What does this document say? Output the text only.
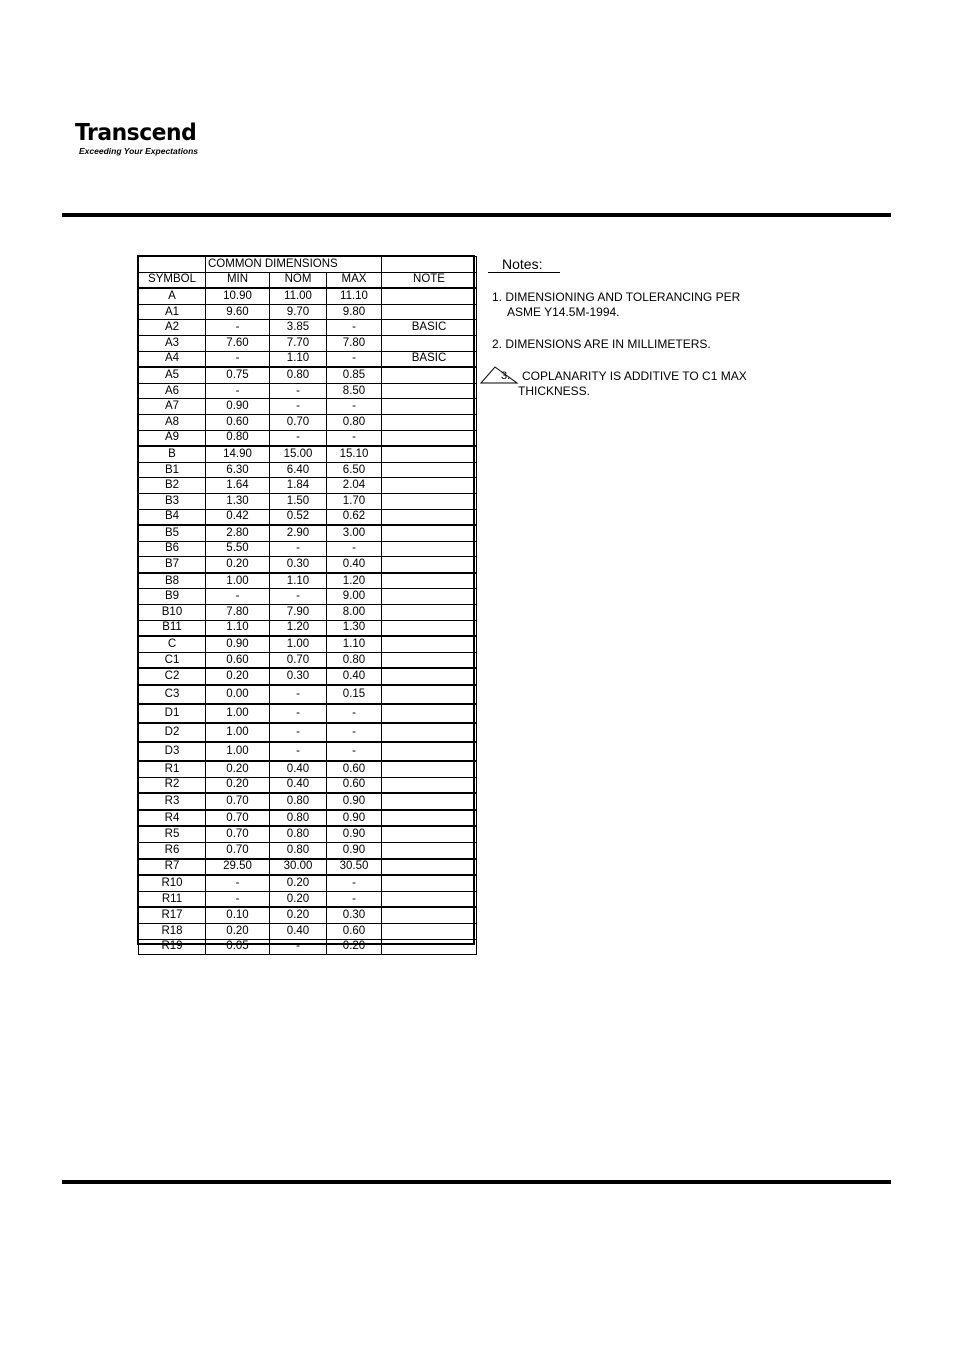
Transcend
Exceeding Your Expectations
	COMMON DIMENSIONS			
SYMBOL	MIN	NOM	MAX	NOTE
A	10.90	11.00	11.10	
A1	9.60	9.70	9.80	
A2	-	3.85	-	BASIC
A3	7.60	7.70	7.80	
A4	-	1.10	-	BASIC
A5	0.75	0.80	0.85	
A6	-	-	8.50	
A7	0.90	-	-	
A8	0.60	0.70	0.80	
A9	0.80	-	-	
B	14.90	15.00	15.10	
B1	6.30	6.40	6.50	
B2	1.64	1.84	2.04	
B3	1.30	1.50	1.70	
B4	0.42	0.52	0.62	
B5	2.80	2.90	3.00	
B6	5.50	-	-	
B7	0.20	0.30	0.40	
B8	1.00	1.10	1.20	
B9	-	-	9.00	
B10	7.80	7.90	8.00	
B11	1.10	1.20	1.30	
C	0.90	1.00	1.10	
C1	0.60	0.70	0.80	
C2	0.20	0.30	0.40	
C3	0.00	-	0.15	
D1	1.00	-	-	
D2	1.00	-	-	
D3	1.00	-	-	
R1	0.20	0.40	0.60	
R2	0.20	0.40	0.60	
R3	0.70	0.80	0.90	
R4	0.70	0.80	0.90	
R5	0.70	0.80	0.90	
R6	0.70	0.80	0.90	
R7	29.50	30.00	30.50	
R10	-	0.20	-	
R11	-	0.20	-	
R17	0.10	0.20	0.30	
R18	0.20	0.40	0.60	
R19	0.05	-	0.20	
Notes:
1. DIMENSIONING AND TOLERANCING PER
ASME Y14.5M-1994.
2. DIMENSIONS ARE IN MILLIMETERS.
3. COPLANARITY IS ADDITIVE TO C1 MAX
THICKNESS.
